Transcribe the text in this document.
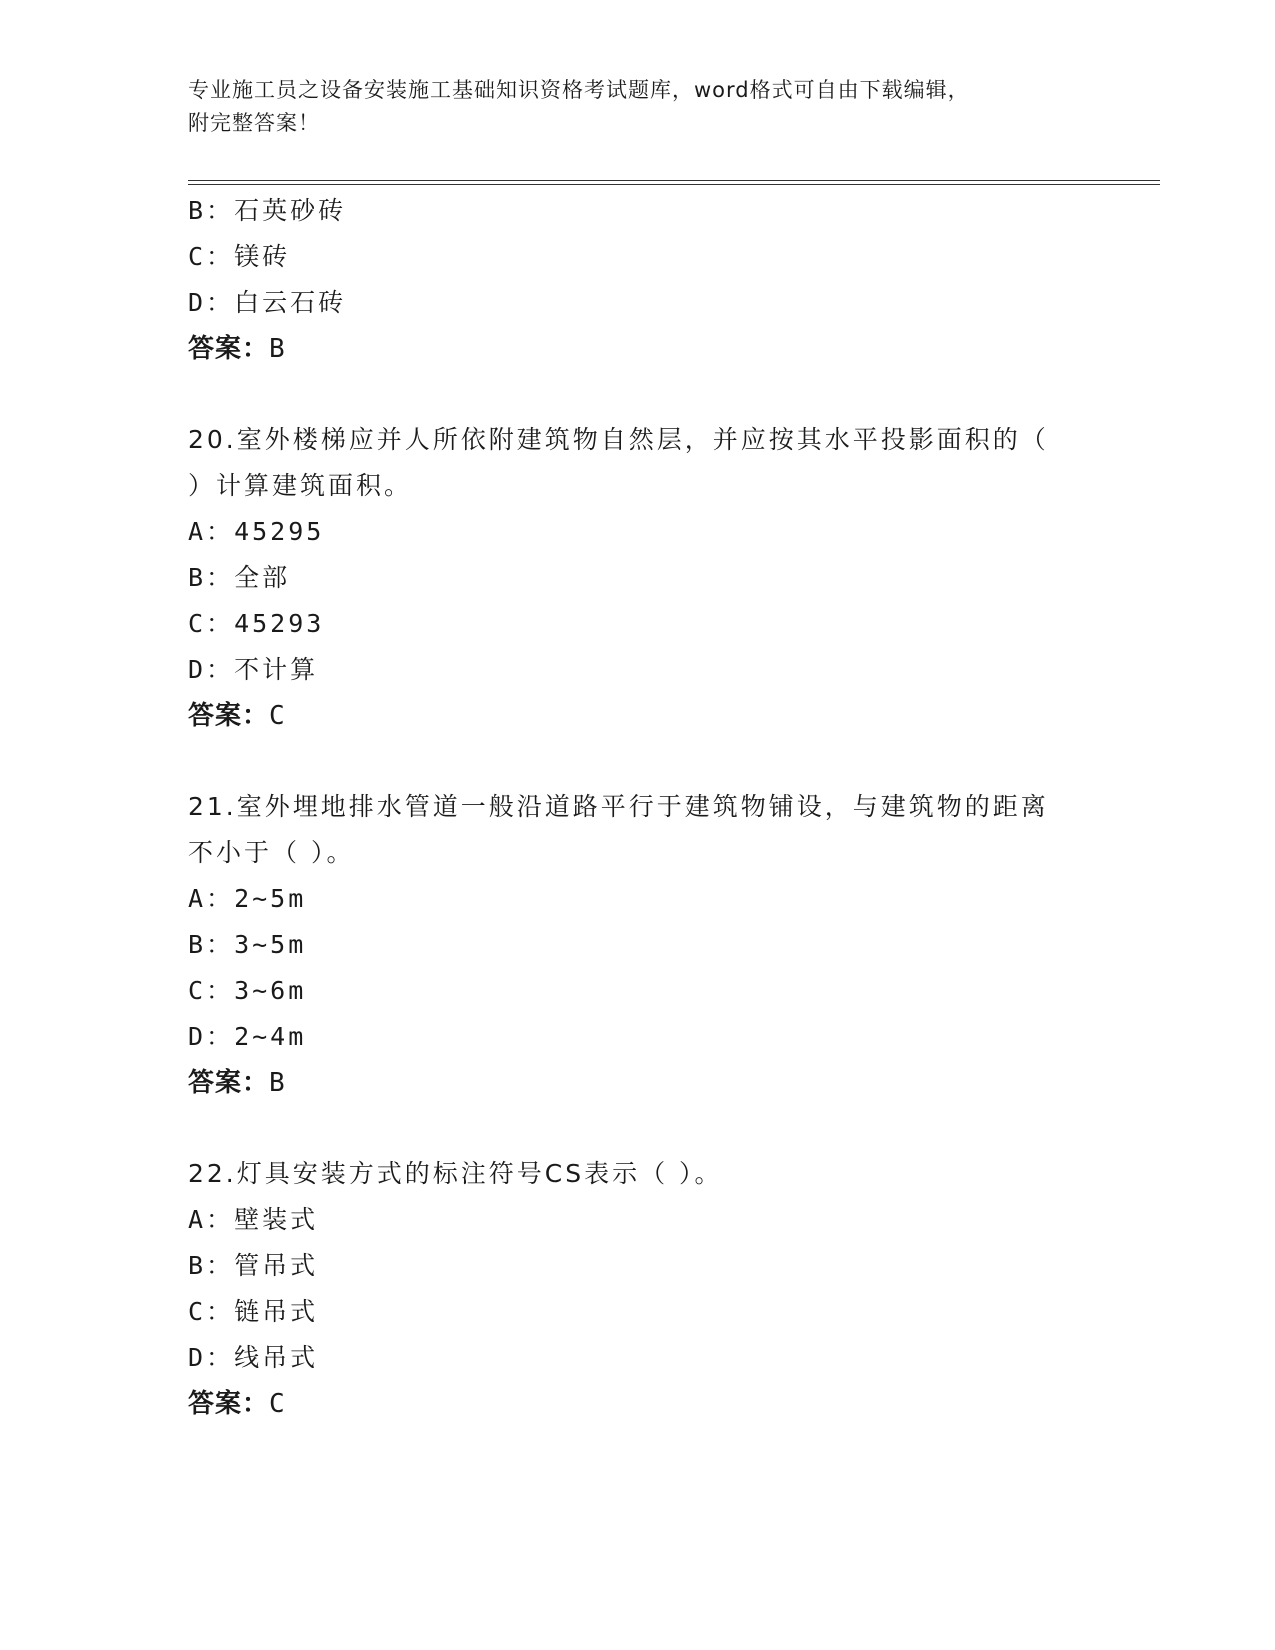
专业施工员之设备安装施工基础知识资格考试题库，word格式可自由下载编辑，
附完整答案！
B：石英砂砖
C：镁砖
D：白云石砖
答案：B
20.室外楼梯应并人所依附建筑物自然层，并应按其水平投影面积的（
）计算建筑面积。
A：45295
B：全部
C：45293
D：不计算
答案：C
21.室外埋地排水管道一般沿道路平行于建筑物铺设，与建筑物的距离
不小于（ ）。
A：2~5m
B：3~5m
C：3~6m
D：2~4m
答案：B
22.灯具安装方式的标注符号CS表示（ ）。
A：壁装式
B：管吊式
C：链吊式
D：线吊式
答案：C
